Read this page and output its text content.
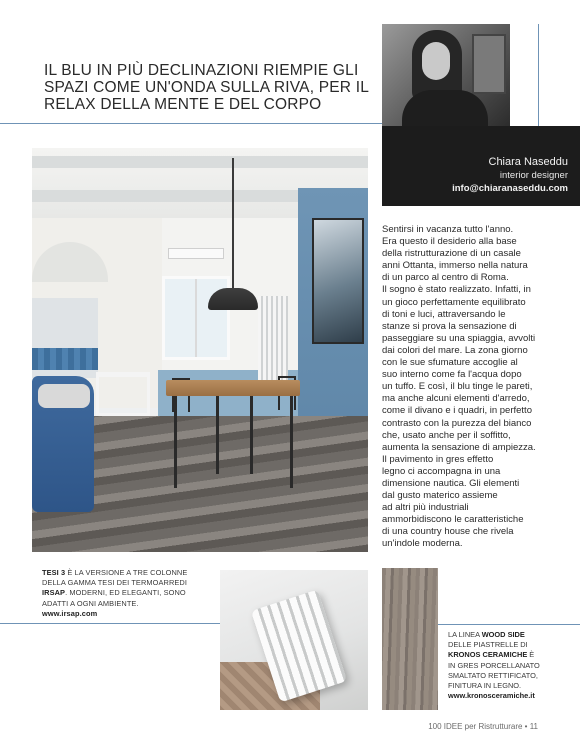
IL BLU IN PIÙ DECLINAZIONI RIEMPIE GLI
SPAZI COME UN'ONDA SULLA RIVA, PER IL
RELAX DELLA MENTE E DEL CORPO
Chiara Naseddu
interior designer
info@chiaranaseddu.com
Sentirsi in vacanza tutto l'anno.
Era questo il desiderio alla base
della ristrutturazione di un casale
anni Ottanta, immerso nella natura
di un parco al centro di Roma.
Il sogno è stato realizzato. Infatti, in
un gioco perfettamente equilibrato
di toni e luci, attraversando le
stanze si prova la sensazione di
passeggiare su una spiaggia, avvolti
dai colori del mare. La zona giorno
con le sue sfumature accoglie al
suo interno come fa l'acqua dopo
un tuffo. E così, il blu tinge le pareti,
ma anche alcuni elementi d'arredo,
come il divano e i quadri, in perfetto
contrasto con la purezza del bianco
che, usato anche per il soffitto,
aumenta la sensazione di ampiezza.
Il pavimento in gres effetto
legno ci accompagna in una
dimensione nautica. Gli elementi
dal gusto materico assieme
ad altri più industriali
ammorbidiscono le caratteristiche
di una country house che rivela
un'indole moderna.
TESI 3 È LA VERSIONE A TRE COLONNE
DELLA GAMMA TESI DEI TERMOARREDI
IRSAP. MODERNI, ED ELEGANTI, SONO
ADATTI A OGNI AMBIENTE.
www.irsap.com
LA LINEA WOOD SIDE
DELLE PIASTRELLE DI
KRONOS CERAMICHE È
IN GRES PORCELLANATO
SMALTATO RETTIFICATO,
FINITURA IN LEGNO.
www.kronosceramiche.it
100 IDEE per Ristrutturare • 11
